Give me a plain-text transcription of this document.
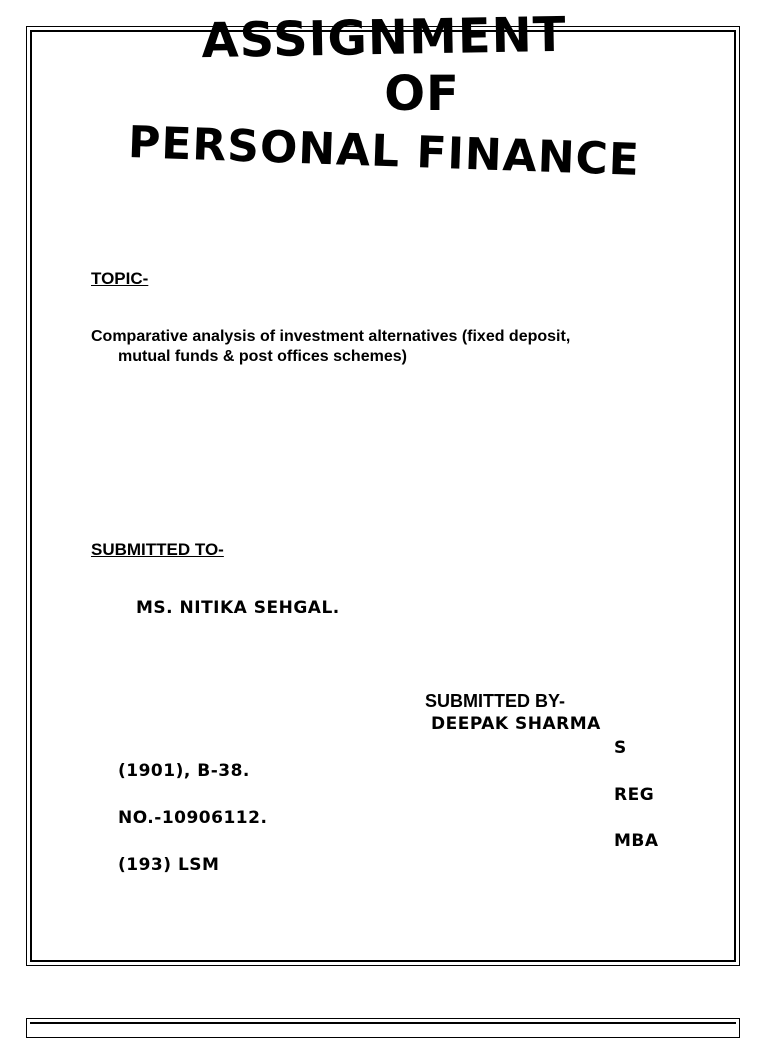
ASSIGNMENT
OF
PERSONAL FINANCE
TOPIC-
Comparative analysis of investment alternatives (fixed deposit,
mutual funds & post offices schemes)
SUBMITTED TO-
MS. NITIKA SEHGAL.
SUBMITTED BY-
DEEPAK SHARMA
S
(1901), B-38.
REG
NO.-10906112.
MBA
(193) LSM
